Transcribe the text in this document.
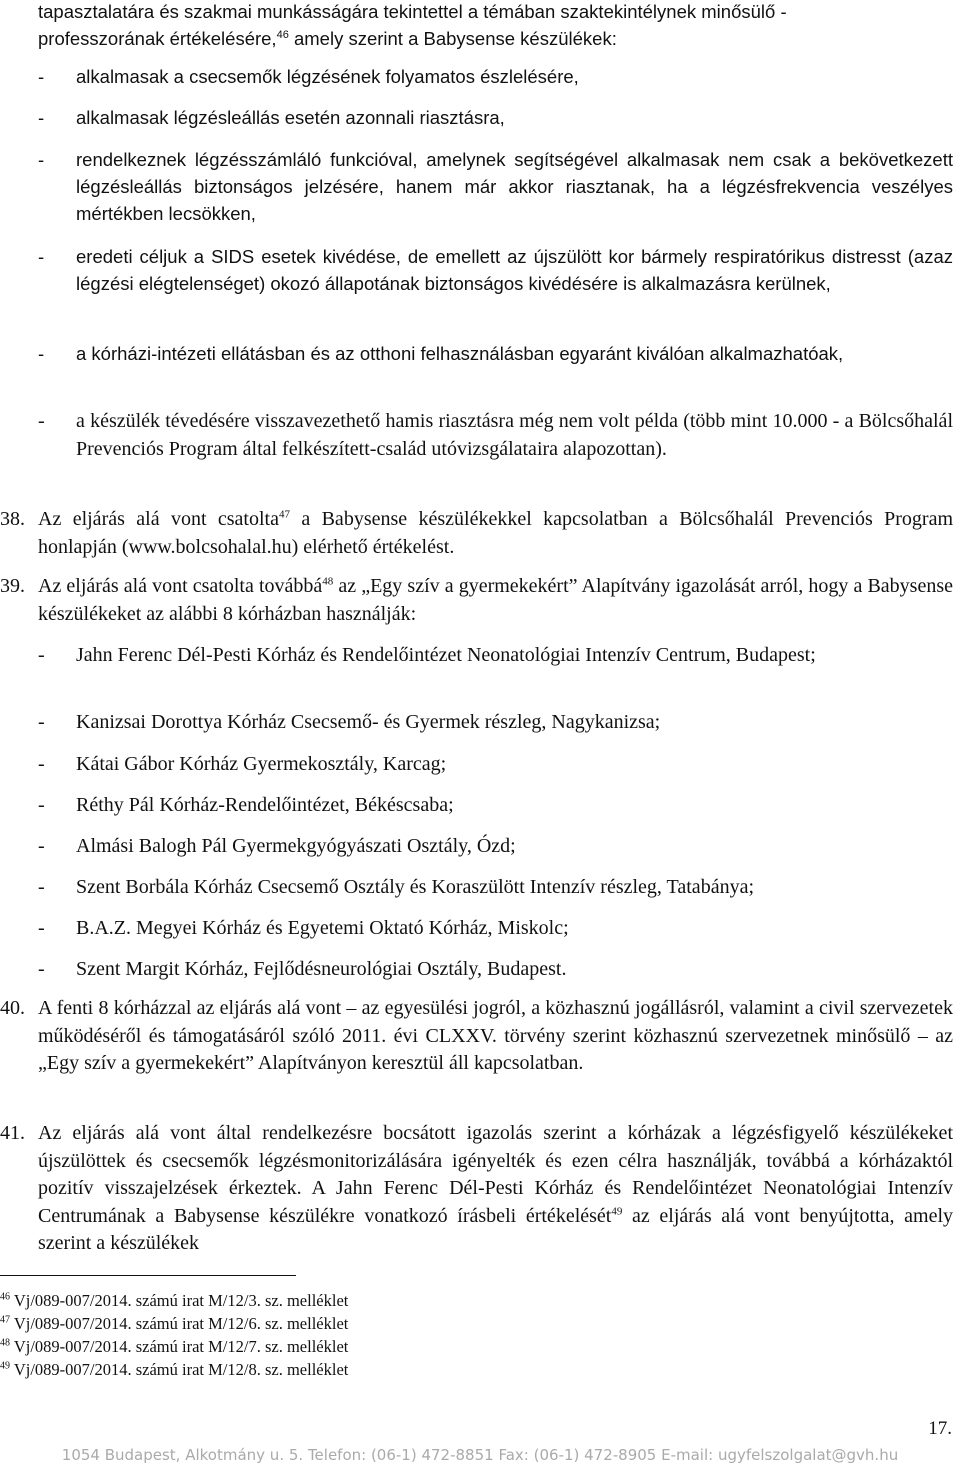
tapasztalatára és szakmai munkásságára tekintettel a témában szaktekintélynek minősülő -
professzorának értékelésére,$^{46}$ amely szerint a Babysense készülékek:
-	alkalmasak a csecsemők légzésének folyamatos észlelésére,
-	alkalmasak légzésleállás esetén azonnali riasztásra,
-	rendelkeznek légzésszámláló funkcióval, amelynek segítségével alkalmasak nem csak a bekövetkezett légzésleállás biztonságos jelzésére, hanem már akkor riasztanak, ha a légzésfrekvencia veszélyes mértékben lecsökken,
-	eredeti céljuk a SIDS esetek kivédése, de emellett az újszülött kor bármely respiratórikus distresst (azaz légzési elégtelenséget) okozó állapotának biztonságos kivédésére is alkalmazásra kerülnek,
-	a kórházi-intézeti ellátásban és az otthoni felhasználásban egyaránt kiválóan alkalmazhatóak,
-	a készülék tévedésére visszavezethető hamis riasztásra még nem volt példa (több mint 10.000 - a Bölcsőhalál Prevenciós Program által felkészített-család utóvizsgálataira alapozottan).
38. Az eljárás alá vont csatolta$^{47}$ a Babysense készülékekkel kapcsolatban a Bölcsőhalál Prevenciós Program honlapján (www.bolcsohalal.hu) elérhető értékelést.
39. Az eljárás alá vont csatolta továbbá$^{48}$ az „Egy szív a gyermekekért” Alapítvány igazolását arról, hogy a Babysense készülékeket az alábbi 8 kórházban használják:
-	Jahn Ferenc Dél-Pesti Kórház és Rendelőintézet Neonatológiai Intenzív Centrum, Budapest;
-	Kanizsai Dorottya Kórház Csecsemő- és Gyermek részleg, Nagykanizsa;
-	Kátai Gábor Kórház Gyermekosztály, Karcag;
-	Réthy Pál Kórház-Rendelőintézet, Békéscsaba;
-	Almási Balogh Pál Gyermekgyógyászati Osztály, Ózd;
-	Szent Borbála Kórház Csecsemő Osztály és Koraszülött Intenzív részleg, Tatabánya;
-	B.A.Z. Megyei Kórház és Egyetemi Oktató Kórház, Miskolc;
-	Szent Margit Kórház, Fejlődésneurológiai Osztály, Budapest.
40. A fenti 8 kórházzal az eljárás alá vont – az egyesülési jogról, a közhasznú jogállásról, valamint a civil szervezetek működéséről és támogatásáról szóló 2011. évi CLXXV. törvény szerint közhasznú szervezetnek minősülő – az „Egy szív a gyermekekért” Alapítványon keresztül áll kapcsolatban.
41. Az eljárás alá vont által rendelkezésre bocsátott igazolás szerint a kórházak a légzésfigyelő készülékeket újszülöttek és csecsemők légzésmonitorizálására igényelték és ezen célra használják, továbbá a kórházaktól pozitív visszajelzések érkeztek. A Jahn Ferenc Dél-Pesti Kórház és Rendelőintézet Neonatológiai Intenzív Centrumának a Babysense készülékre vonatkozó írásbeli értékelését$^{49}$ az eljárás alá vont benyújtotta, amely szerint a készülékek
$^{46}$ Vj/089-007/2014. számú irat M/12/3. sz. melléklet
$^{47}$ Vj/089-007/2014. számú irat M/12/6. sz. melléklet
$^{48}$ Vj/089-007/2014. számú irat M/12/7. sz. melléklet
$^{49}$ Vj/089-007/2014. számú irat M/12/8. sz. melléklet
17.
1054 Budapest, Alkotmány u. 5. Telefon: (06-1) 472-8851 Fax: (06-1) 472-8905 E-mail: ugyfelszolgalat@gvh.hu
